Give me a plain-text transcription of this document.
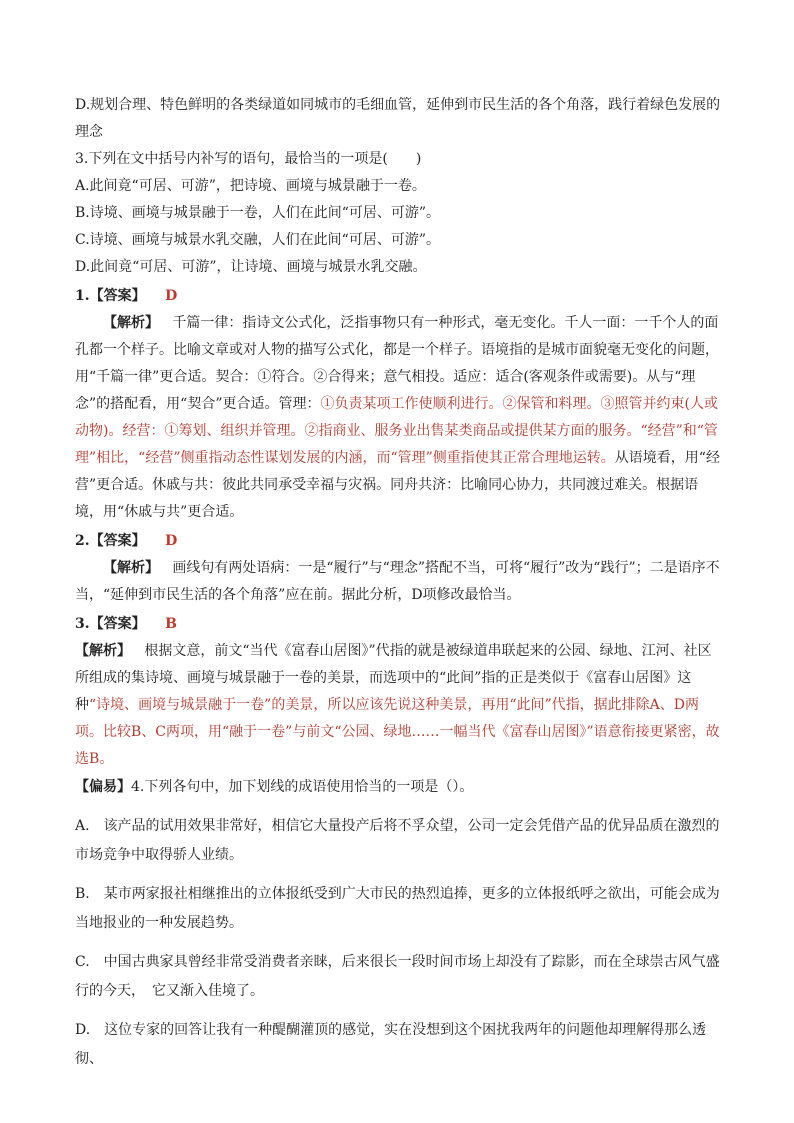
D.规划合理、特色鲜明的各类绿道如同城市的毛细血管，延伸到市民生活的各个角落，践行着绿色发展的
理念

3.下列在文中括号内补写的语句，最恰当的一项是(　　)

A.此间竟“可居、可游”，把诗境、画境与城景融于一卷。

B.诗境、画境与城景融于一卷，人们在此间“可居、可游”。

C.诗境、画境与城景水乳交融，人们在此间“可居、可游”。

D.此间竟“可居、可游”，让诗境、画境与城景水乳交融。

1.【答案】 D

【解析】 千篇一律：指诗文公式化，泛指事物只有一种形式，毫无变化。千人一面：一千个人的面孔都一个样子。比喻文章或对人物的描写公式化，都是一个样子。语境指的是城市面貌毫无变化的问题，用“千篇一律”更合适。契合：①符合。②合得来；意气相投。适应：适合(客观条件或需要)。从与“理念”的搭配看，用“契合”更合适。管理：①负责某项工作使顺利进行。②保管和料理。③照管并约束(人或动物)。经营：①筹划、组织并管理。②指商业、服务业出售某类商品或提供某方面的服务。“经营”和“管理”相比，“经营”侧重指动态性谋划发展的内涵，而“管理”侧重指使其正常合理地运转。从语境看，用“经营”更合适。休戚与共：彼此共同承受幸福与灾祸。同舟共济：比喻同心协力，共同渡过难关。根据语境，用“休戚与共”更合适。

2.【答案】 D

【解析】 画线句有两处语病：一是“履行”与“理念”搭配不当，可将“履行”改为“践行”；二是语序不当，“延伸到市民生活的各个角落”应在前。据此分析，D项修改最恰当。

3.【答案】 B

【解析】 根据文意，前文“当代《富春山居图》”代指的就是被绿道串联起来的公园、绿地、江河、社区所组成的集诗境、画境与城景融于一卷的美景，而选项中的“此间”指的正是类似于《富春山居图》这种“诗境、画境与城景融于一卷”的美景，所以应该先说这种美景，再用“此间”代指，据此排除A、D两项。比较B、C两项，用“融于一卷”与前文“公园、绿地……一幅当代《富春山居图》”语意衔接更紧密，故选B。

【偏易】4.下列各句中，加下划线的成语使用恰当的一项是（）。

A.　该产品的试用效果非常好，相信它大量投产后将不孚众望，公司一定会凭借产品的优异品质在激烈的市场竞争中取得骄人业绩。

B.　某市两家报社相继推出的立体报纸受到广大市民的热烈追捧，更多的立体报纸呼之欲出，可能会成为当地报业的一种发展趋势。

C.　中国古典家具曾经非常受消费者亲睐，后来很长一段时间市场上却没有了踪影，而在全球崇古风气盛行的今天，　它又渐入佳境了。

D.　这位专家的回答让我有一种醍醐灌顶的感觉，实在没想到这个困扰我两年的问题他却理解得那么透彻、
